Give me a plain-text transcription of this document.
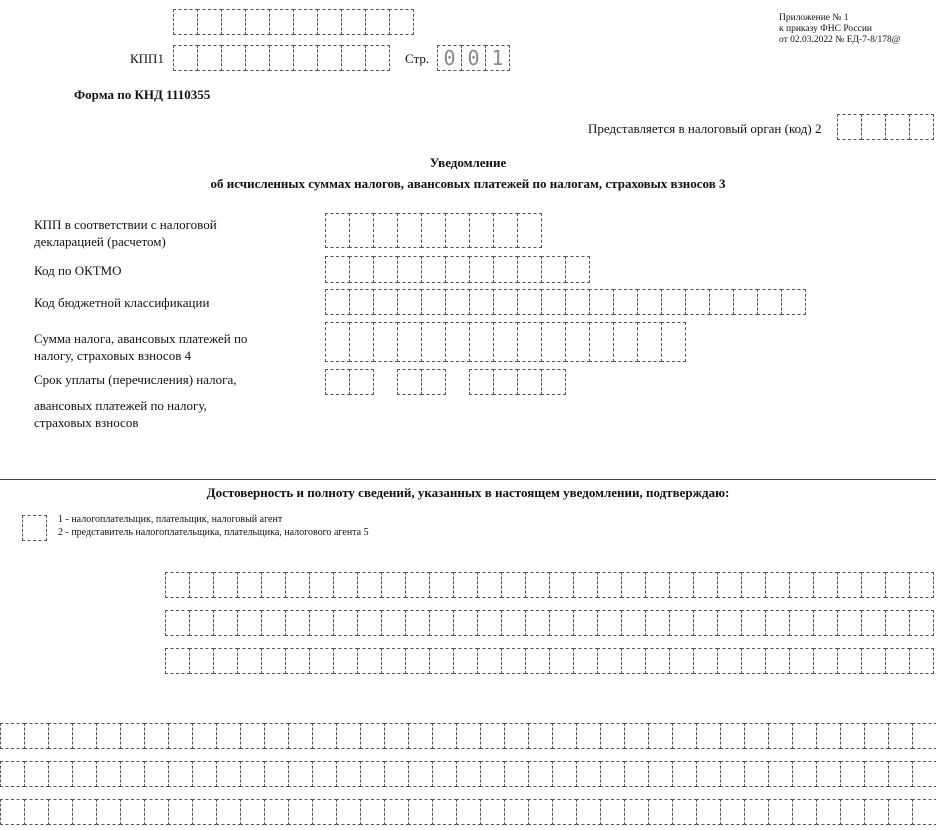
Приложение № 1
к приказу ФНС России
от 02.03.2022 № ЕД-7-8/178@
КПП1	Стр. 0 0 1
Форма по КНД 1110355
Представляется в налоговый орган (код) 2
Уведомление
об исчисленных суммах налогов, авансовых платежей по налогам, страховых взносов 3
КПП в соответствии с налоговой
декларацией (расчетом)
Код по ОКТМО
Код бюджетной классификации
Сумма налога, авансовых платежей по
налогу, страховых взносов 4
Срок уплаты (перечисления) налога,
авансовых платежей по налогу,
страховых взносов
Достоверность и полноту сведений, указанных в настоящем уведомлении, подтверждаю:
1 - налогоплательщик, плательщик, налоговый агент
2 - представитель налогоплательщика, плательщика, налогового агента 5
